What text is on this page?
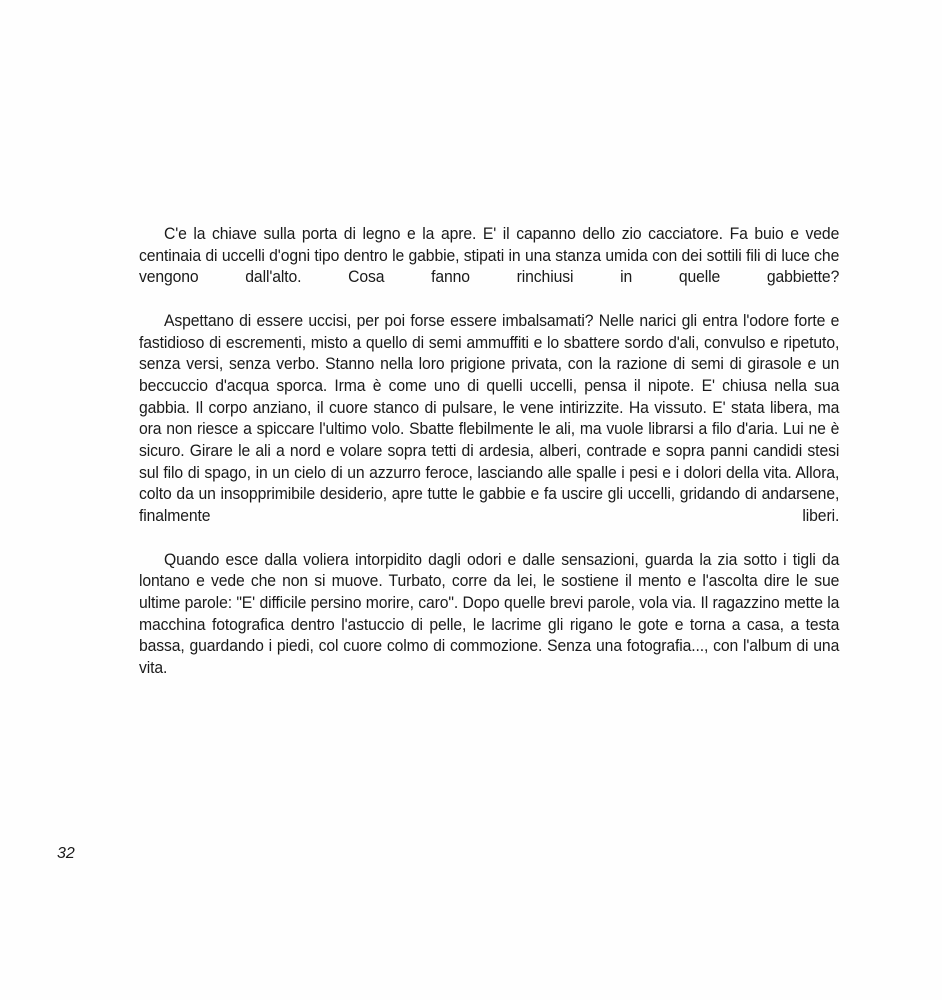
C'e la chiave sulla porta di legno e la apre. E' il capanno dello zio cacciatore. Fa buio e vede centinaia di uccelli d'ogni tipo dentro le gabbie, stipati in una stanza umida con dei sottili fili di luce che vengono dall'alto. Cosa fanno rinchiusi in quelle gabbiette?

Aspettano di essere uccisi, per poi forse essere imbalsamati? Nelle narici gli entra l'odore forte e fastidioso di escrementi, misto a quello di semi ammuffiti e lo sbattere sordo d'ali, convulso e ripetuto, senza versi, senza verbo. Stanno nella loro prigione privata, con la razione di semi di girasole e un beccuccio d'acqua sporca. Irma è come uno di quelli uccelli, pensa il nipote. E' chiusa nella sua gabbia. Il corpo anziano, il cuore stanco di pulsare, le vene intirizzite. Ha vissuto. E' stata libera, ma ora non riesce a spiccare l'ultimo volo. Sbatte flebilmente le ali, ma vuole librarsi a filo d'aria. Lui ne è sicuro. Girare le ali a nord e volare sopra tetti di ardesia, alberi, contrade e sopra panni candidi stesi sul filo di spago, in un cielo di un azzurro feroce, lasciando alle spalle i pesi e i dolori della vita. Allora, colto da un insopprimibile desiderio, apre tutte le gabbie e fa uscire gli uccelli, gridando di andarsene, finalmente liberi.

Quando esce dalla voliera intorpidito dagli odori e dalle sensazioni, guarda la zia sotto i tigli da lontano e vede che non si muove. Turbato, corre da lei, le sostiene il mento e l'ascolta dire le sue ultime parole: "E' difficile persino morire, caro". Dopo quelle brevi parole, vola via. Il ragazzino mette la macchina fotografica dentro l'astuccio di pelle, le lacrime gli rigano le gote e torna a casa, a testa bassa, guardando i piedi, col cuore colmo di commozione. Senza una fotografia..., con l'album di una vita.

32
